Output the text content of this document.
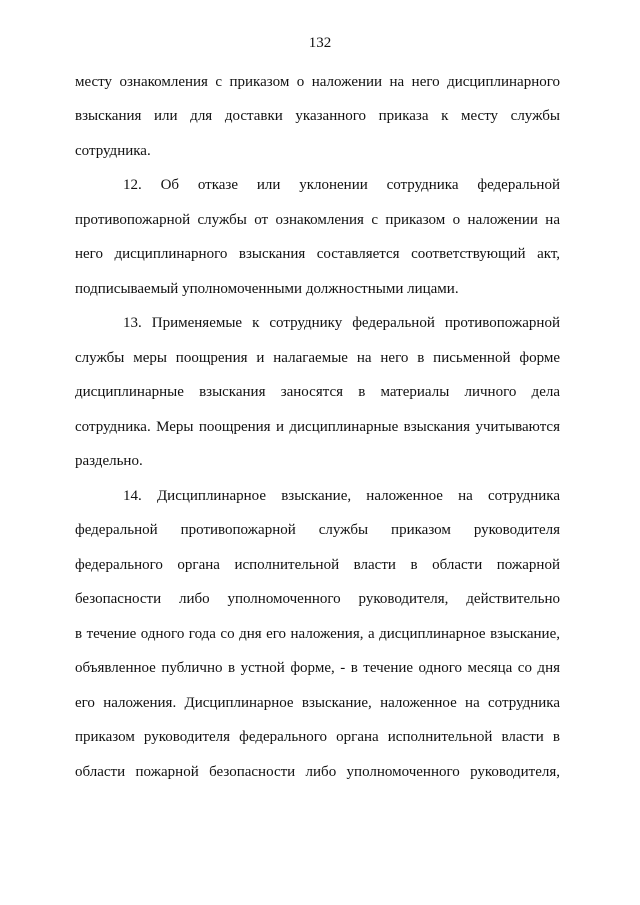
132
месту ознакомления с приказом о наложении на него дисциплинарного
взыскания или для доставки указанного приказа к месту службы
сотрудника.
12. Об отказе или уклонении сотрудника федеральной
противопожарной службы от ознакомления с приказом о наложении на
него дисциплинарного взыскания составляется соответствующий акт,
подписываемый уполномоченными должностными лицами.
13. Применяемые к сотруднику федеральной противопожарной
службы меры поощрения и налагаемые на него в письменной форме
дисциплинарные взыскания заносятся в материалы личного дела
сотрудника. Меры поощрения и дисциплинарные взыскания учитываются
раздельно.
14. Дисциплинарное взыскание, наложенное на сотрудника
федеральной противопожарной службы приказом руководителя
федерального органа исполнительной власти в области пожарной
безопасности либо уполномоченного руководителя, действительно
в течение одного года со дня его наложения, а дисциплинарное взыскание,
объявленное публично в устной форме, - в течение одного месяца со дня
его наложения. Дисциплинарное взыскание, наложенное на сотрудника
приказом руководителя федерального органа исполнительной власти в
области пожарной безопасности либо уполномоченного руководителя,
